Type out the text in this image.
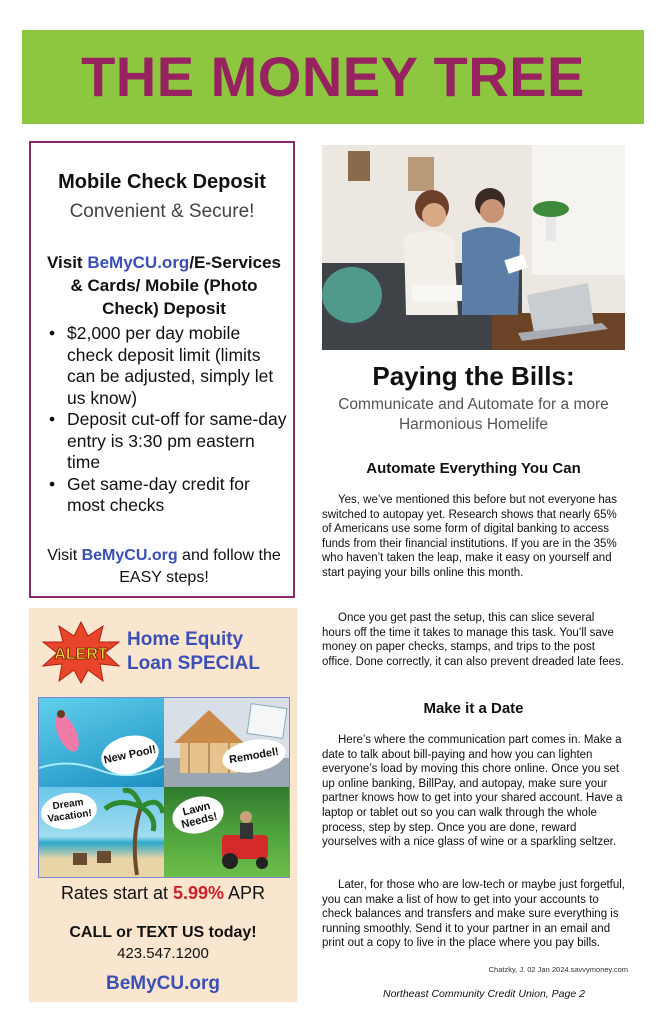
THE MONEY TREE
Mobile Check Deposit
Convenient & Secure!
Visit BeMyCU.org/E-Services & Cards/ Mobile (Photo Check) Deposit
• $2,000 per day mobile check deposit limit (limits can be adjusted, simply let us know)
• Deposit cut-off for same-day entry is 3:30 pm eastern time
• Get same-day credit for most checks
Visit BeMyCU.org and follow the EASY steps!
ALERT
Home Equity
Loan SPECIAL
New Pool!	Remodel!
Dream Vacation!	Lawn Needs!
Rates start at 5.99% APR
CALL or TEXT US today!
423.547.1200
BeMyCU.org
Paying the Bills:
Communicate and Automate for a more Harmonious Homelife
Automate Everything You Can
Yes, we’ve mentioned this before but not everyone has switched to autopay yet. Research shows that nearly 65% of Americans use some form of digital banking to access funds from their financial institutions. If you are in the 35% who haven’t taken the leap, make it easy on yourself and start paying your bills online this month.
Once you get past the setup, this can slice several hours off the time it takes to manage this task. You’ll save money on paper checks, stamps, and trips to the post office. Done correctly, it can also prevent dreaded late fees.
Make it a Date
Here’s where the communication part comes in. Make a date to talk about bill-paying and how you can lighten everyone’s load by moving this chore online. Once you set up online banking, BillPay, and autopay, make sure your partner knows how to get into your shared account. Have a laptop or tablet out so you can walk through the whole process, step by step. Once you are done, reward yourselves with a nice glass of wine or a sparkling seltzer.
Later, for those who are low-tech or maybe just forgetful, you can make a list of how to get into your accounts to check balances and transfers and make sure everything is running smoothly. Send it to your partner in an email and print out a copy to live in the place where you pay bills.
Chatzky, J. 02 Jan 2024.savvymoney.com
Northeast Community Credit Union, Page 2
